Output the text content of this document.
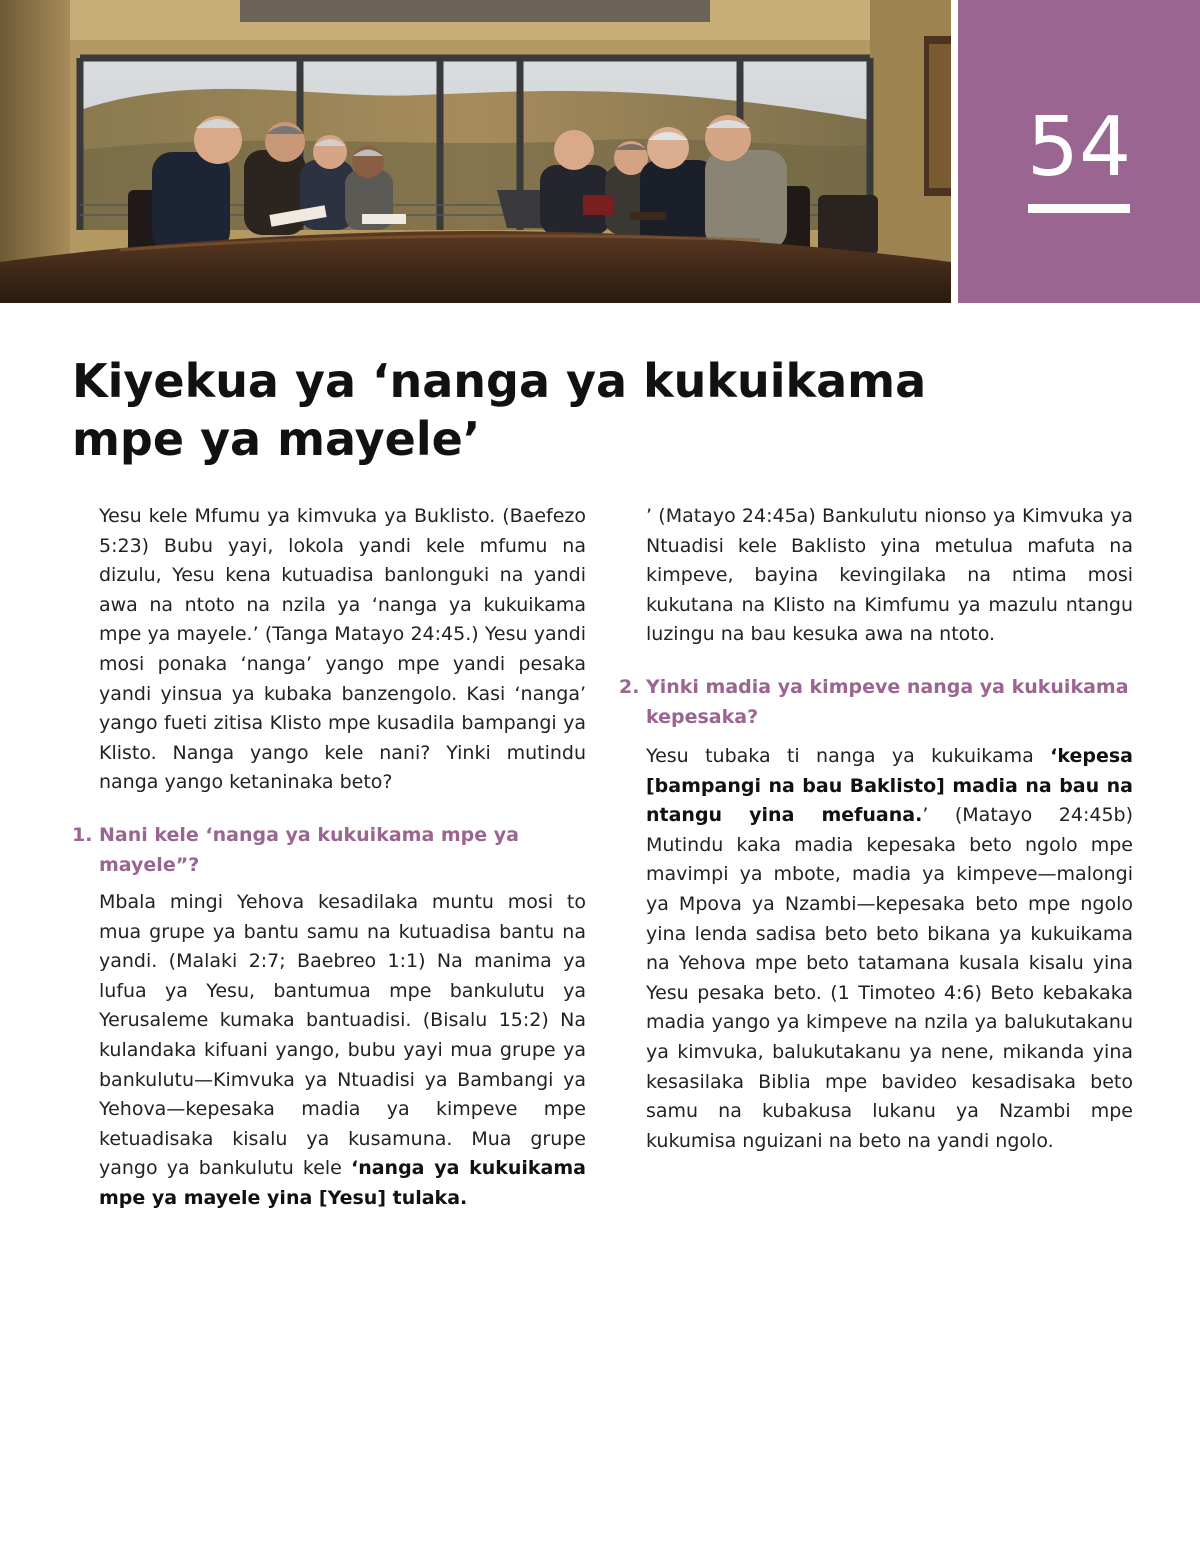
54
Kiyekua ya ‘nanga ya kukuikama
mpe ya mayele’

Yesu kele Mfumu ya kimvuka ya Buklisto. (Baefezo 5:23) Bubu yayi, lokola yandi kele mfumu na dizulu, Yesu kena kutuadisa banlonguki na yandi awa na ntoto na nzila ya ‘nanga ya kukuikama mpe ya mayele.’ (Tanga Matayo 24:45.) Yesu yandi mosi ponaka ‘nanga’ yango mpe yandi pesaka yandi yinsua ya kubaka banzengolo. Kasi ‘nanga’ yango fueti zitisa Klisto mpe kusadila bampangi ya Klisto. Nanga yango kele nani? Yinki mutindu nanga yango ketaninaka beto?

1. Nani kele ‘nanga ya kukuikama mpe ya mayele”?

Mbala mingi Yehova kesadilaka muntu mosi to mua grupe ya bantu samu na kutuadisa bantu na yandi. (Malaki 2:7; Baebreo 1:1) Na manima ya lufua ya Yesu, bantumua mpe bankulutu ya Yerusaleme kumaka bantuadisi. (Bisalu 15:2) Na kulandaka kifuani yango, bubu yayi mua grupe ya bankulutu—Kimvuka ya Ntuadisi ya Bambangi ya Yehova—kepesaka madia ya kimpeve mpe ketuadisaka kisalu ya kusamuna. Mua grupe yango ya bankulutu kele ‘nanga ya kukuikama mpe ya mayele yina [Yesu] tulaka.

’ (Matayo 24:45a) Bankulutu nionso ya Kimvuka ya Ntuadisi kele Baklisto yina metulua mafuta na kimpeve, bayina kevingilaka na ntima mosi kukutana na Klisto na Kimfumu ya mazulu ntangu luzingu na bau kesuka awa na ntoto.

2. Yinki madia ya kimpeve nanga ya kukuikama kepesaka?

Yesu tubaka ti nanga ya kukuikama ‘kepesa [bampangi na bau Baklisto] madia na bau na ntangu yina mefuana.’ (Matayo 24:45b) Mutindu kaka madia kepesaka beto ngolo mpe mavimpi ya mbote, madia ya kimpeve—malongi ya Mpova ya Nzambi—kepesaka beto mpe ngolo yina lenda sadisa beto beto bikana ya kukuikama na Yehova mpe beto tatamana kusala kisalu yina Yesu pesaka beto. (1 Timoteo 4:6) Beto kebakaka madia yango ya kimpeve na nzila ya balukutakanu ya kimvuka, balukutakanu ya nene, mikanda yina kesasilaka Biblia mpe bavideo kesadisaka beto samu na kubakusa lukanu ya Nzambi mpe kukumisa nguizani na beto na yandi ngolo.
